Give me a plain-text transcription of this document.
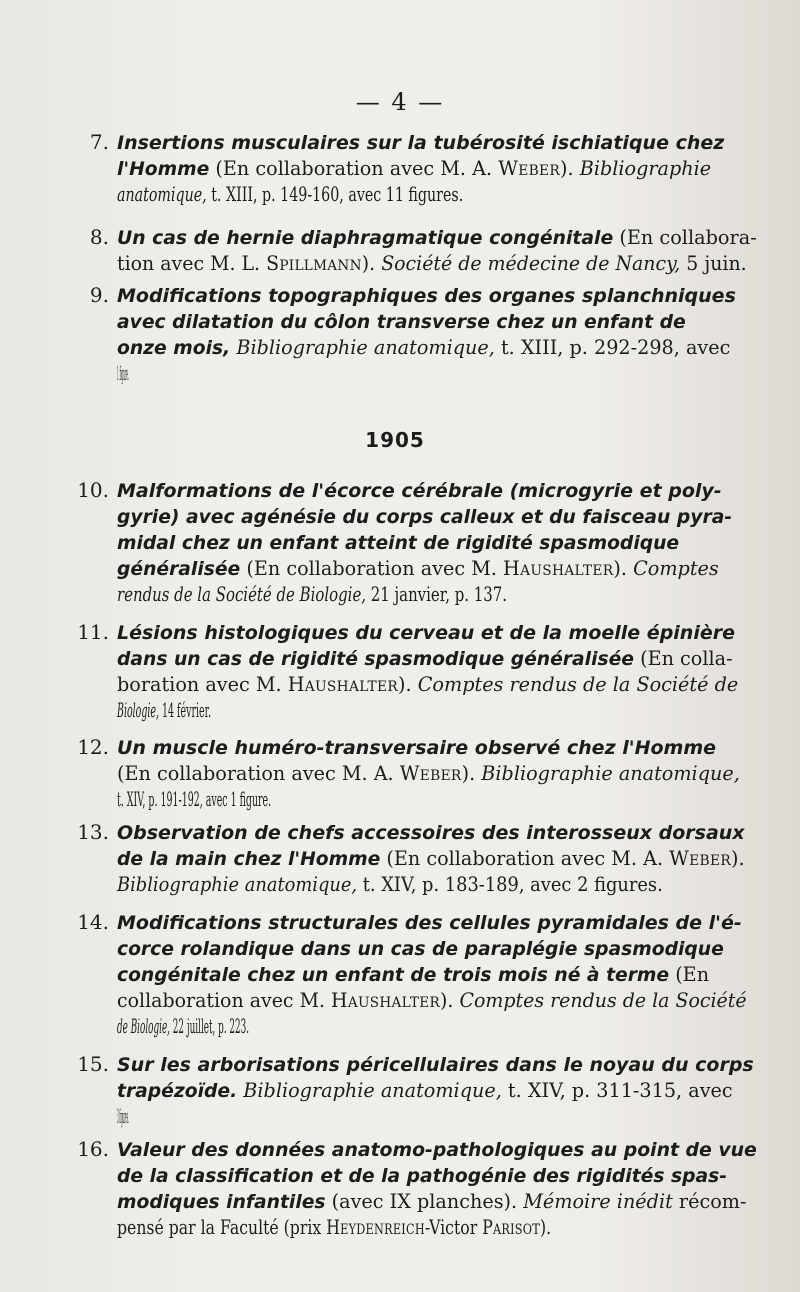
— 4 —
1905
7. Insertions musculaires sur la tubérosité ischiatique chez
l'Homme (En collaboration avec M. A. Weber). Bibliographie
anatomique, t. XIII, p. 149-160, avec 11 figures.
8. Un cas de hernie diaphragmatique congénitale (En collabora-
tion avec M. L. Spillmann). Société de médecine de Nancy, 5 juin.
9. Modifications topographiques des organes splanchniques
avec dilatation du côlon transverse chez un enfant de
onze mois, Bibliographie anatomique, t. XIII, p. 292-298, avec
1 figure.
10. Malformations de l'écorce cérébrale (microgyrie et poly-
gyrie) avec agénésie du corps calleux et du faisceau pyra-
midal chez un enfant atteint de rigidité spasmodique
généralisée (En collaboration avec M. Haushalter). Comptes
rendus de la Société de Biologie, 21 janvier, p. 137.
11. Lésions histologiques du cerveau et de la moelle épinière
dans un cas de rigidité spasmodique généralisée (En colla-
boration avec M. Haushalter). Comptes rendus de la Société de
Biologie, 14 février.
12. Un muscle huméro-transversaire observé chez l'Homme
(En collaboration avec M. A. Weber). Bibliographie anatomique,
t. XIV, p. 191-192, avec 1 figure.
13. Observation de chefs accessoires des interosseux dorsaux
de la main chez l'Homme (En collaboration avec M. A. Weber).
Bibliographie anatomique, t. XIV, p. 183-189, avec 2 figures.
14. Modifications structurales des cellules pyramidales de l'é-
corce rolandique dans un cas de paraplégie spasmodique
congénitale chez un enfant de trois mois né à terme (En
collaboration avec M. Haushalter). Comptes rendus de la Société
de Biologie, 22 juillet, p. 223.
15. Sur les arborisations péricellulaires dans le noyau du corps
trapézoïde. Bibliographie anatomique, t. XIV, p. 311-315, avec
3 figures.
16. Valeur des données anatomo-pathologiques au point de vue
de la classification et de la pathogénie des rigidités spas-
modiques infantiles (avec IX planches). Mémoire inédit récom-
pensé par la Faculté (prix Heydenreich-Victor Parisot).
